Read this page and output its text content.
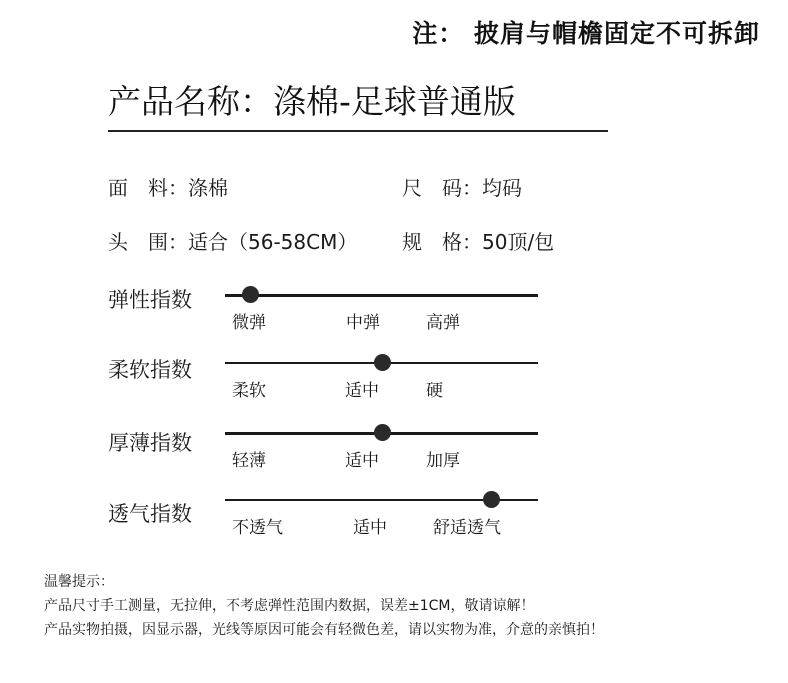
注： 披肩与帽檐固定不可拆卸
产品名称：涤棉-足球普通版
面　料：涤棉	尺　码：均码
头　围：适合（56-58CM） 规　格：50顶/包
弹性指数
微弹	中弹	高弹
柔软指数
柔软	适中	硬
厚薄指数
轻薄	适中	加厚
透气指数
不透气	适中	舒适透气
温馨提示：
产品尺寸手工测量，无拉伸，不考虑弹性范围内数据，误差±1CM，敬请谅解！
产品实物拍摄，因显示器，光线等原因可能会有轻微色差，请以实物为准，介意的亲慎拍！
